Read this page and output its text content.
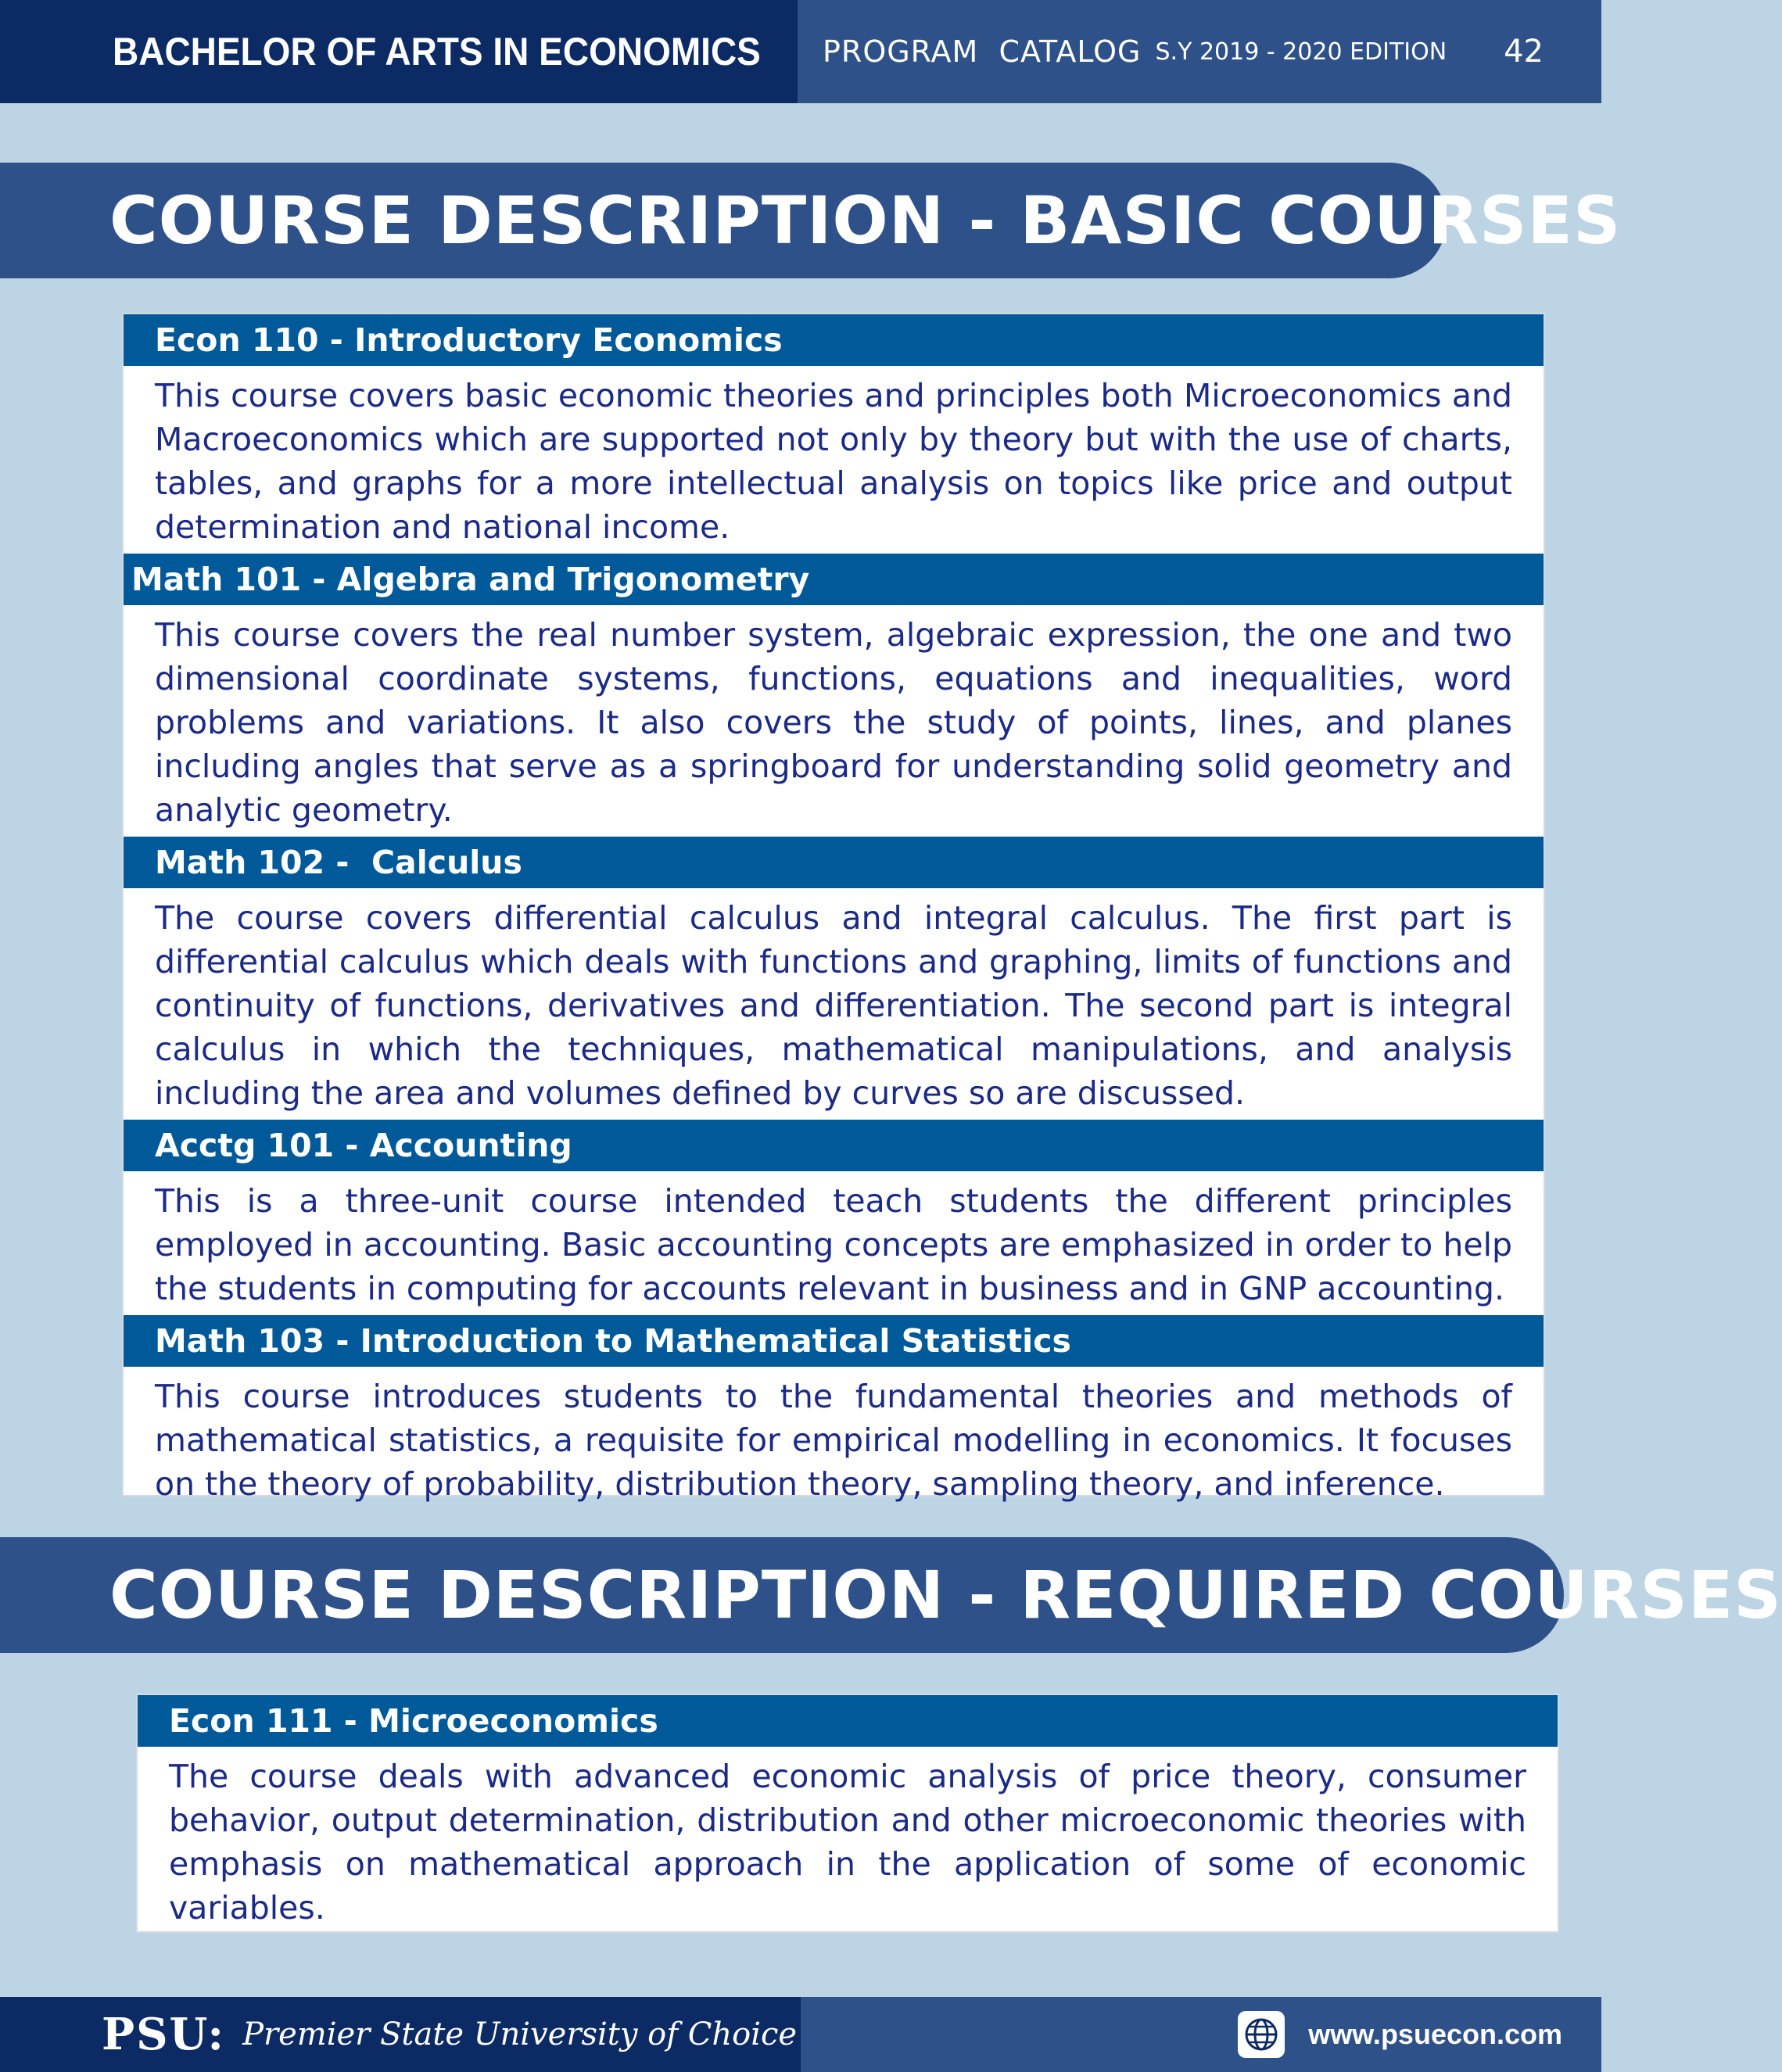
BACHELOR OF ARTS IN ECONOMICS PROGRAM  CATALOG S.Y 2019 - 2020 EDITION 42
COURSE DESCRIPTION - BASIC COURSES
Econ 110 - Introductory Economics
This course covers basic economic theories and principles both Microeconomics and Macroeconomics which are supported not only by theory but with the use of charts, tables, and graphs for a more intellectual analysis on topics like price and output determination and national income.
Math 101 - Algebra and Trigonometry
This course covers the real number system, algebraic expression, the one and two dimensional coordinate systems, functions, equations and inequalities, word problems and variations. It also covers the study of points, lines, and planes including angles that serve as a springboard for understanding solid geometry and analytic geometry.
Math 102 -  Calculus
The course covers differential calculus and integral calculus. The first part is differential calculus which deals with functions and graphing, limits of functions and continuity of functions, derivatives and differentiation. The second part is integral calculus in which the techniques, mathematical manipulations, and analysis including the area and volumes defined by curves so are discussed.
Acctg 101 - Accounting
This is a three-unit course intended teach students the different principles employed in accounting. Basic accounting concepts are emphasized in order to help the students in computing for accounts relevant in business and in GNP accounting.
Math 103 - Introduction to Mathematical Statistics
This course introduces students to the fundamental theories and methods of mathematical statistics, a requisite for empirical modelling in economics. It focuses on the theory of probability, distribution theory, sampling theory, and inference.
COURSE DESCRIPTION - REQUIRED COURSES
Econ 111 - Microeconomics
The course deals with advanced economic analysis of price theory, consumer behavior, output determination, distribution and other microeconomic theories with emphasis on mathematical approach in the application of some of economic variables.
PSU: Premier State University of Choice	www.psuecon.com
